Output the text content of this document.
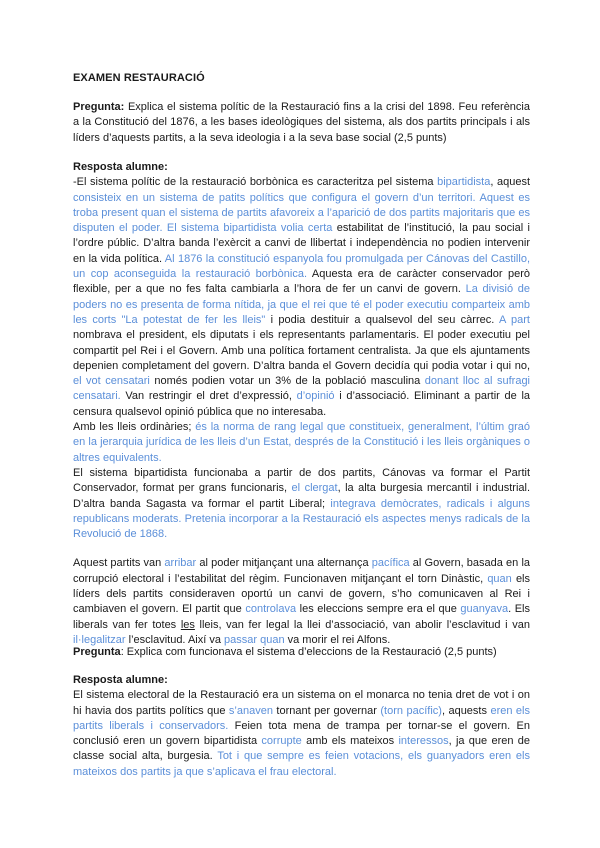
EXAMEN RESTAURACIÓ

Pregunta: Explica el sistema polític de la Restauració fins a la crisi del 1898. Feu referència a la Constitució del 1876, a les bases ideològiques del sistema, als dos partits principals i als líders d’aquests partits, a la seva ideologia i a la seva base social (2,5 punts)

Resposta alumne:

-El sistema polític de la restauració borbònica es caracteritza pel sistema bipartidista, aquest consisteix en un sistema de patits polítics que configura el govern d’un territori. Aquest es troba present quan el sistema de partits afavoreix a l’aparició de dos partits majoritaris que es disputen el poder. El sistema bipartidista volia certa estabilitat de l’institució, la pau social i l’ordre públic. D’altra banda l’exèrcit a canvi de llibertat i independència no podien intervenir en la vida política. Al 1876 la constitució espanyola fou promulgada per Cánovas del Castillo, un cop aconseguida la restauració borbònica. Aquesta era de caràcter conservador però flexible, per a que no fes falta cambiarla a l’hora de fer un canvi de govern. La divisió de poders no es presenta de forma nítida, ja que el rei que té el poder executiu comparteix amb les corts "La potestat de fer les lleis" i podia destituir a qualsevol del seu càrrec. A part nombrava el president, els diputats i els representants parlamentaris. El poder executiu pel compartit pel Rei i el Govern. Amb una política fortament centralista. Ja que els ajuntaments depenien completament del govern. D’altra banda el Govern decidía qui podia votar i qui no, el vot censatari només podien votar un 3% de la població masculina donant lloc al sufragi censatari. Van restringir el dret d’expressió, d’opinió i d’associació. Eliminant a partir de la censura qualsevol opinió pública que no interesaba.

Amb les lleis ordinàries; és la norma de rang legal que constitueix, generalment, l’últim graó en la jerarquia jurídica de les lleis d’un Estat, després de la Constitució i les lleis orgàniques o altres equivalents.

El sistema bipartidista funcionaba a partir de dos partits, Cánovas va formar el Partit Conservador, format per grans funcionaris, el clergat, la alta burgesia mercantil i industrial. D’altra banda Sagasta va formar el partit Liberal; integrava demòcrates, radicals i alguns republicans moderats. Pretenia incorporar a la Restauració els aspectes menys radicals de la Revolució de 1868.

Aquest partits van arribar al poder mitjançant una alternança pacífica al Govern, basada en la corrupció electoral i l’estabilitat del règim. Funcionaven mitjançant el torn Dinàstic, quan els líders dels partits consideraven oportú un canvi de govern, s’ho comunicaven al Rei i cambiaven el govern. El partit que controlava les eleccions sempre era el que guanyava. Els liberals van fer totes les lleis, van fer legal la llei d’associació, van abolir l’esclavitud i van il·legalitzar l’esclavitud. Així va passar quan va morir el rei Alfons.

Pregunta: Explica com funcionava el sistema d’eleccions de la Restauració (2,5 punts)

Resposta alumne:

El sistema electoral de la Restauració era un sistema on el monarca no tenia dret de vot i on hi havia dos partits polítics que s’anaven tornant per governar (torn pacífic), aquests eren els partits liberals i conservadors. Feien tota mena de trampa per tornar-se el govern. En conclusió eren un govern bipartidista corrupte amb els mateixos interessos, ja que eren de classe social alta, burgesia. Tot i que sempre es feien votacions, els guanyadors eren els mateixos dos partits ja que s’aplicava el frau electoral.
